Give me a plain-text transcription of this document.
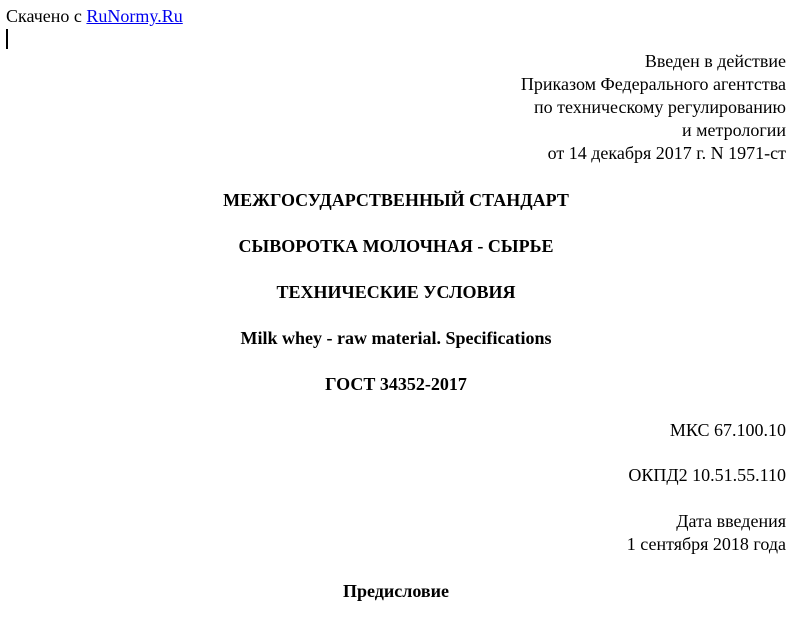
Скачено с RuNormy.Ru
Введен в действие
Приказом Федерального агентства
по техническому регулированию
и метрологии
от 14 декабря 2017 г. N 1971-ст
МЕЖГОСУДАРСТВЕННЫЙ СТАНДАРТ
СЫВОРОТКА МОЛОЧНАЯ - СЫРЬЕ
ТЕХНИЧЕСКИЕ УСЛОВИЯ
Milk whey - raw material. Specifications
ГОСТ 34352-2017
МКС 67.100.10
ОКПД2 10.51.55.110
Дата введения
1 сентября 2018 года
Предисловие
